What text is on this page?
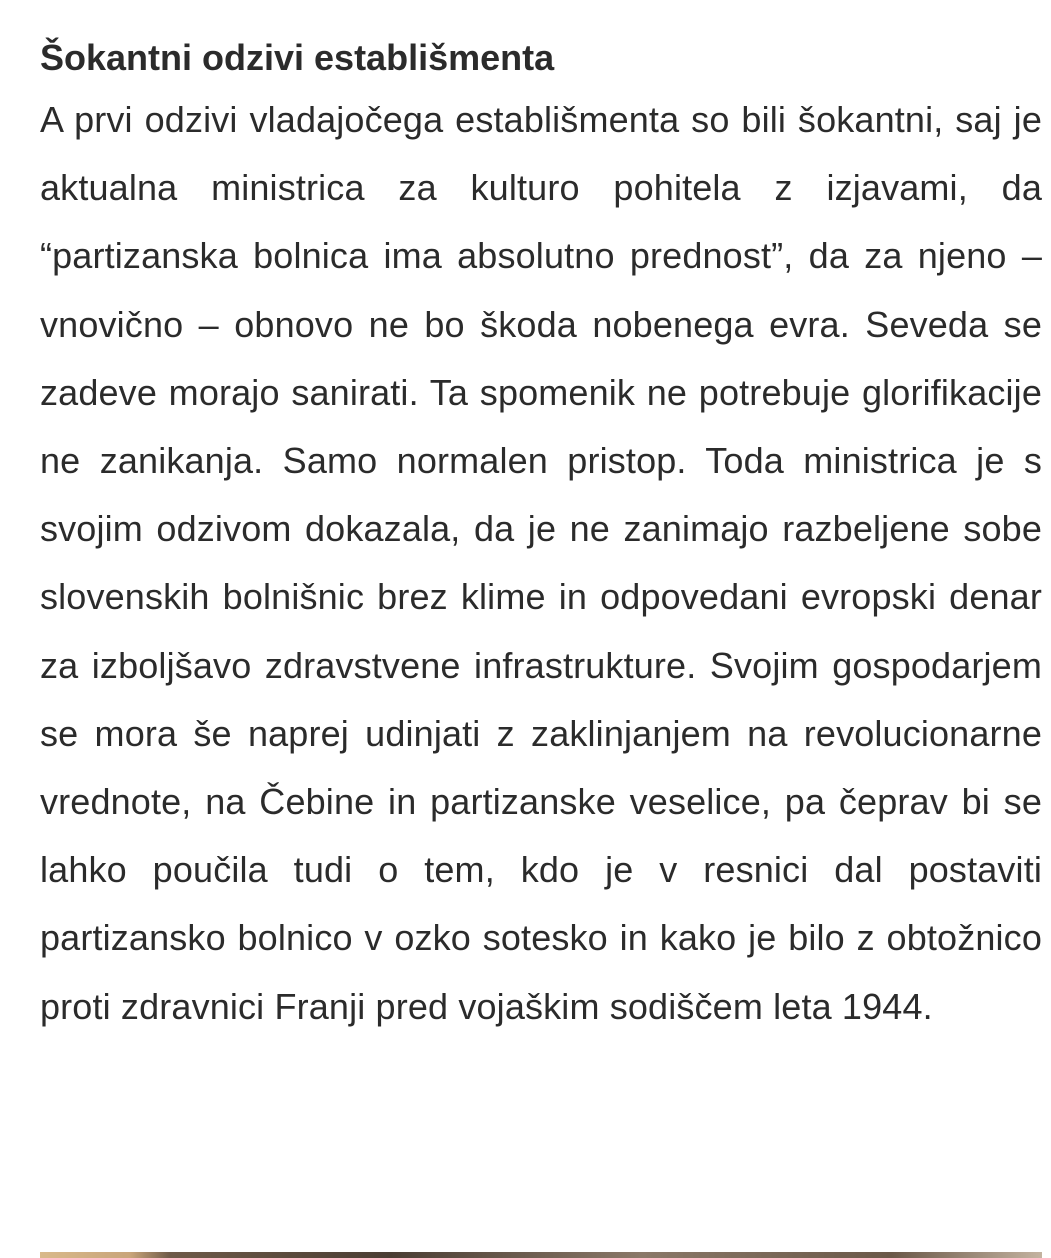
Šokantni odzivi establišmenta

A prvi odzivi vladajočega establišmenta so bili šokantni, saj je aktualna ministrica za kulturo pohitela z izjavami, da “partizanska bolnica ima absolutno prednost”, da za njeno – vnovično – obnovo ne bo škoda nobenega evra. Seveda se zadeve morajo sanirati. Ta spomenik ne potrebuje glorifikacije ne zanikanja. Samo normalen pristop. Toda ministrica je s svojim odzivom dokazala, da je ne zanimajo razbeljene sobe slovenskih bolnišnic brez klime in odpovedani evropski denar za izboljšavo zdravstvene infrastrukture. Svojim gospodarjem se mora še naprej udinjati z zaklinjanjem na revolucionarne vrednote, na Čebine in partizanske veselice, pa čeprav bi se lahko poučila tudi o tem, kdo je v resnici dal postaviti partizansko bolnico v ozko sotesko in kako je bilo z obtožnico proti zdravnici Franji pred vojaškim sodiščem leta 1944.
